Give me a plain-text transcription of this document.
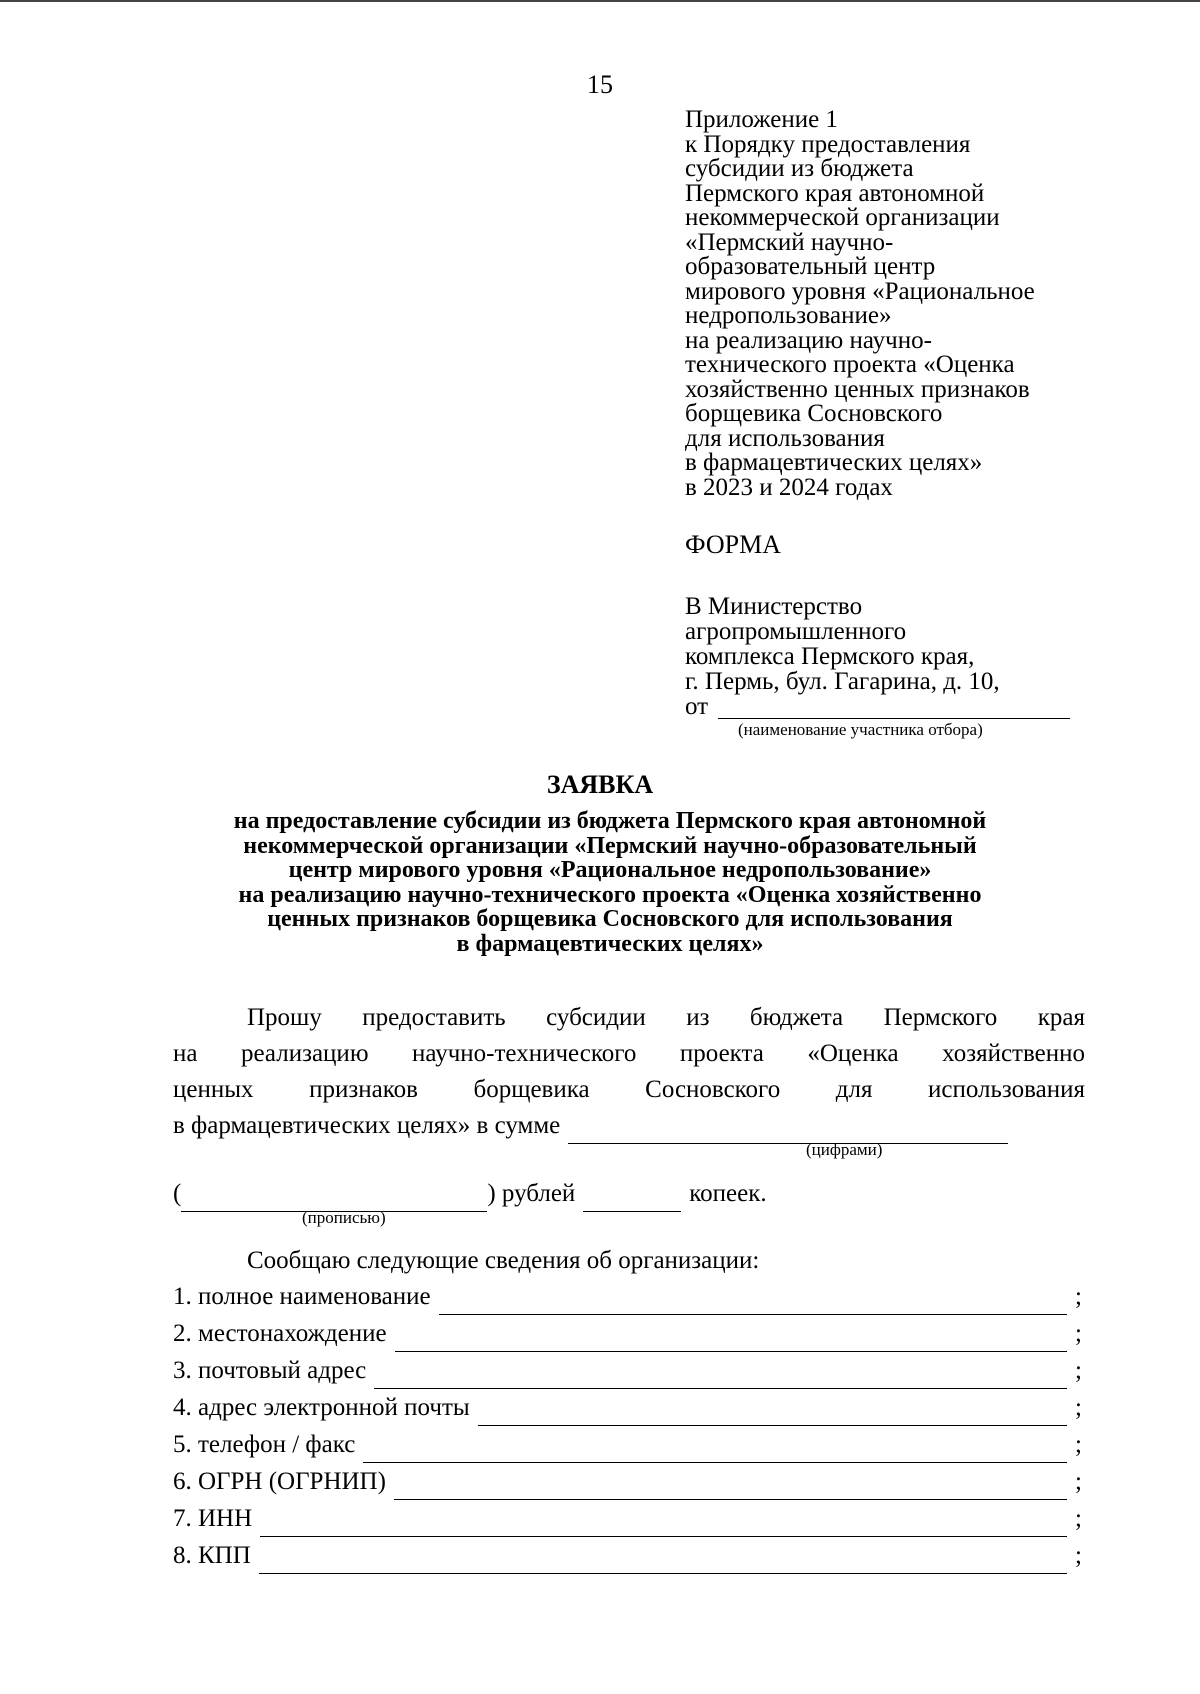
15
Приложение 1
к Порядку предоставления
субсидии из бюджета
Пермского края автономной
некоммерческой организации
«Пермский научно-
образовательный центр
мирового уровня «Рациональное
недропользование»
на реализацию научно-
технического проекта «Оценка
хозяйственно ценных признаков
борщевика Сосновского
для использования
в фармацевтических целях»
в 2023 и 2024 годах
ФОРМА
В Министерство
агропромышленного
комплекса Пермского края,
г. Пермь, бул. Гагарина, д. 10,
от
(наименование участника отбора)
ЗАЯВКА
на предоставление субсидии из бюджета Пермского края автономной
некоммерческой организации «Пермский научно-образовательный
центр мирового уровня «Рациональное недропользование»
на реализацию научно-технического проекта «Оценка хозяйственно
ценных признаков борщевика Сосновского для использования
в фармацевтических целях»
Прошу предоставить субсидии из бюджета Пермского края
на реализацию научно-технического проекта «Оценка хозяйственно
ценных признаков борщевика Сосновского для использования
в фармацевтических целях» в сумме
(цифрами)
(	) рублей	копеек.
(прописью)
Сообщаю следующие сведения об организации:
1. полное наименование	;
2. местонахождение	;
3. почтовый адрес	;
4. адрес электронной почты	;
5. телефон / факс	;
6. ОГРН (ОГРНИП)	;
7. ИНН	;
8. КПП	;
